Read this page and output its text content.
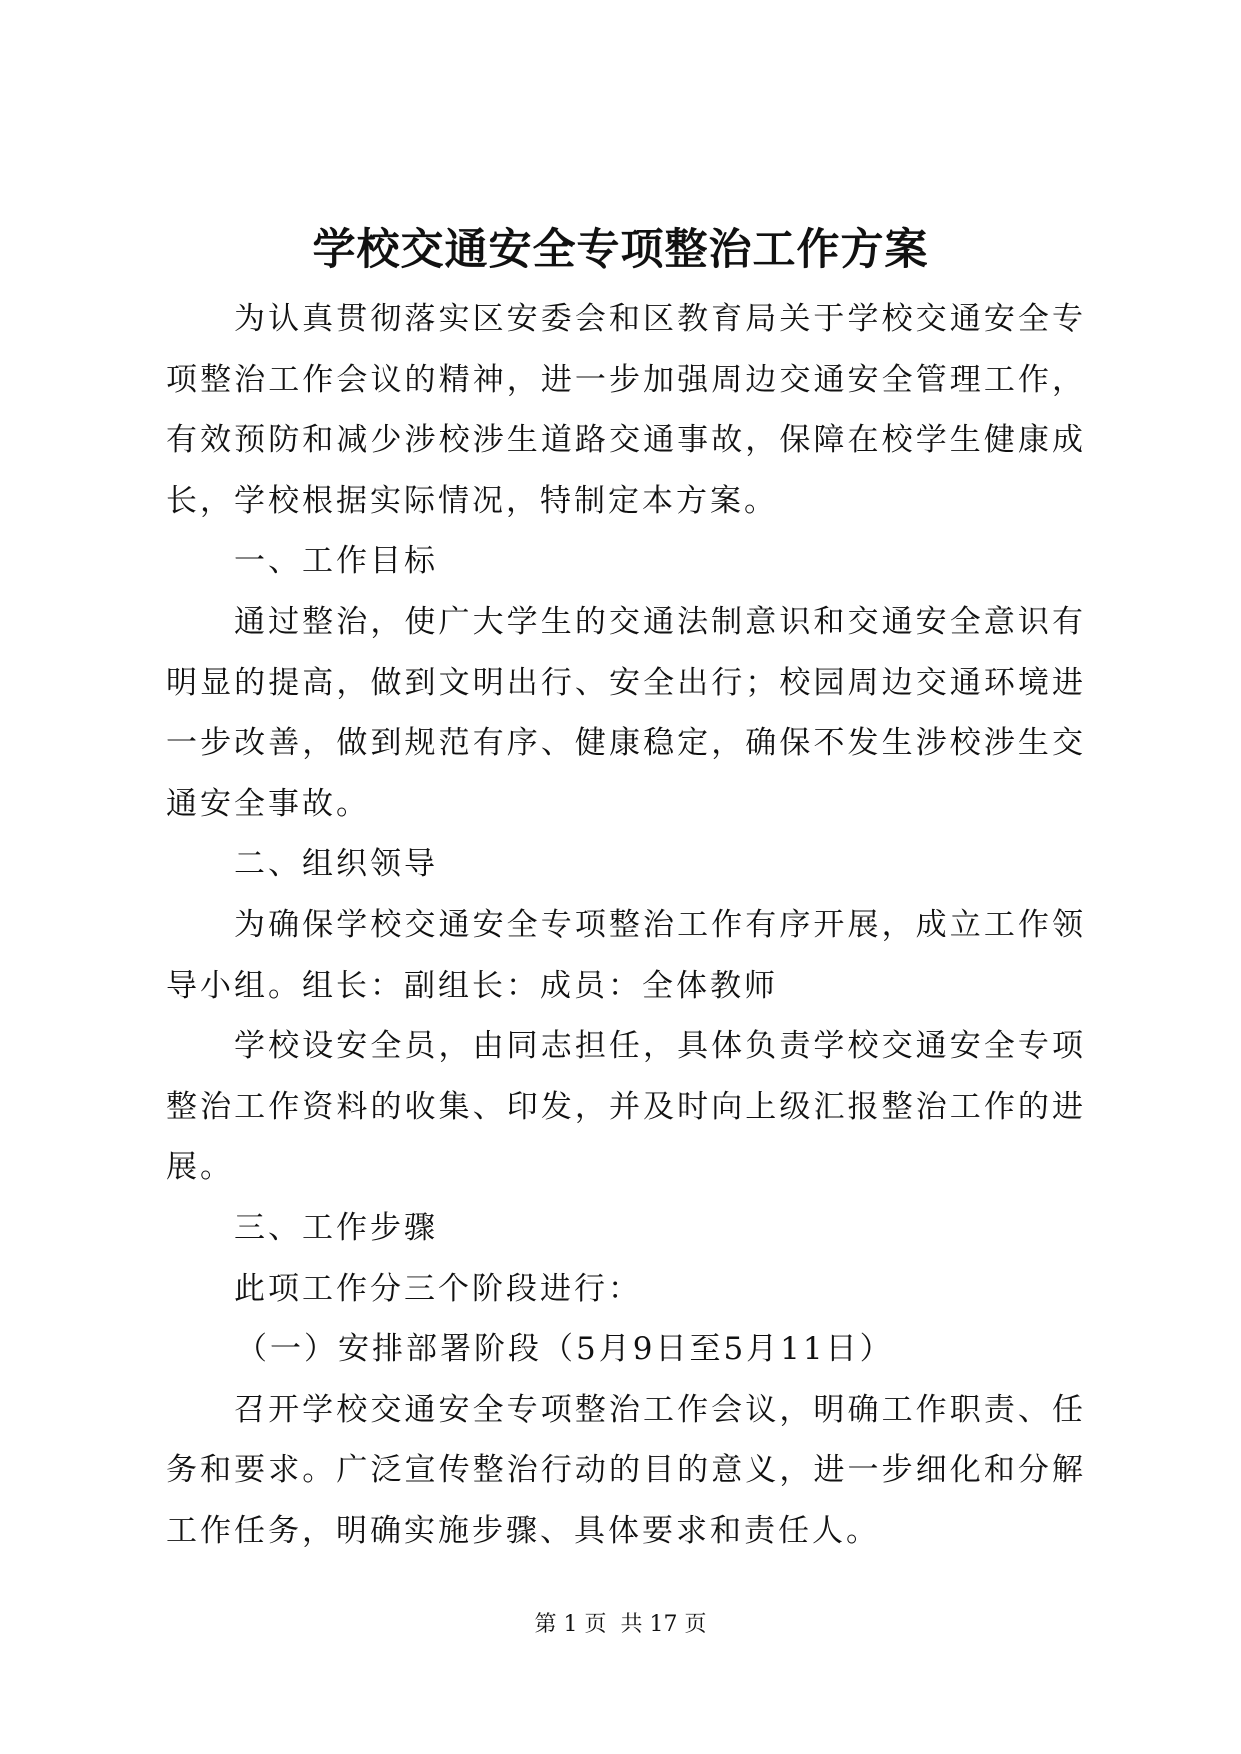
学校交通安全专项整治工作方案

为认真贯彻落实区安委会和区教育局关于学校交通安全专项整治工作会议的精神，进一步加强周边交通安全管理工作，有效预防和减少涉校涉生道路交通事故，保障在校学生健康成长，学校根据实际情况，特制定本方案。

一、工作目标

通过整治，使广大学生的交通法制意识和交通安全意识有明显的提高，做到文明出行、安全出行；校园周边交通环境进一步改善，做到规范有序、健康稳定，确保不发生涉校涉生交通安全事故。

二、组织领导

为确保学校交通安全专项整治工作有序开展，成立工作领导小组。组长：副组长：成员：全体教师

学校设安全员，由同志担任，具体负责学校交通安全专项整治工作资料的收集、印发，并及时向上级汇报整治工作的进展。

三、工作步骤

此项工作分三个阶段进行：

（一）安排部署阶段（5月9日至5月11日）

召开学校交通安全专项整治工作会议，明确工作职责、任务和要求。广泛宣传整治行动的目的意义，进一步细化和分解工作任务，明确实施步骤、具体要求和责任人。

第 1 页  共 17 页
